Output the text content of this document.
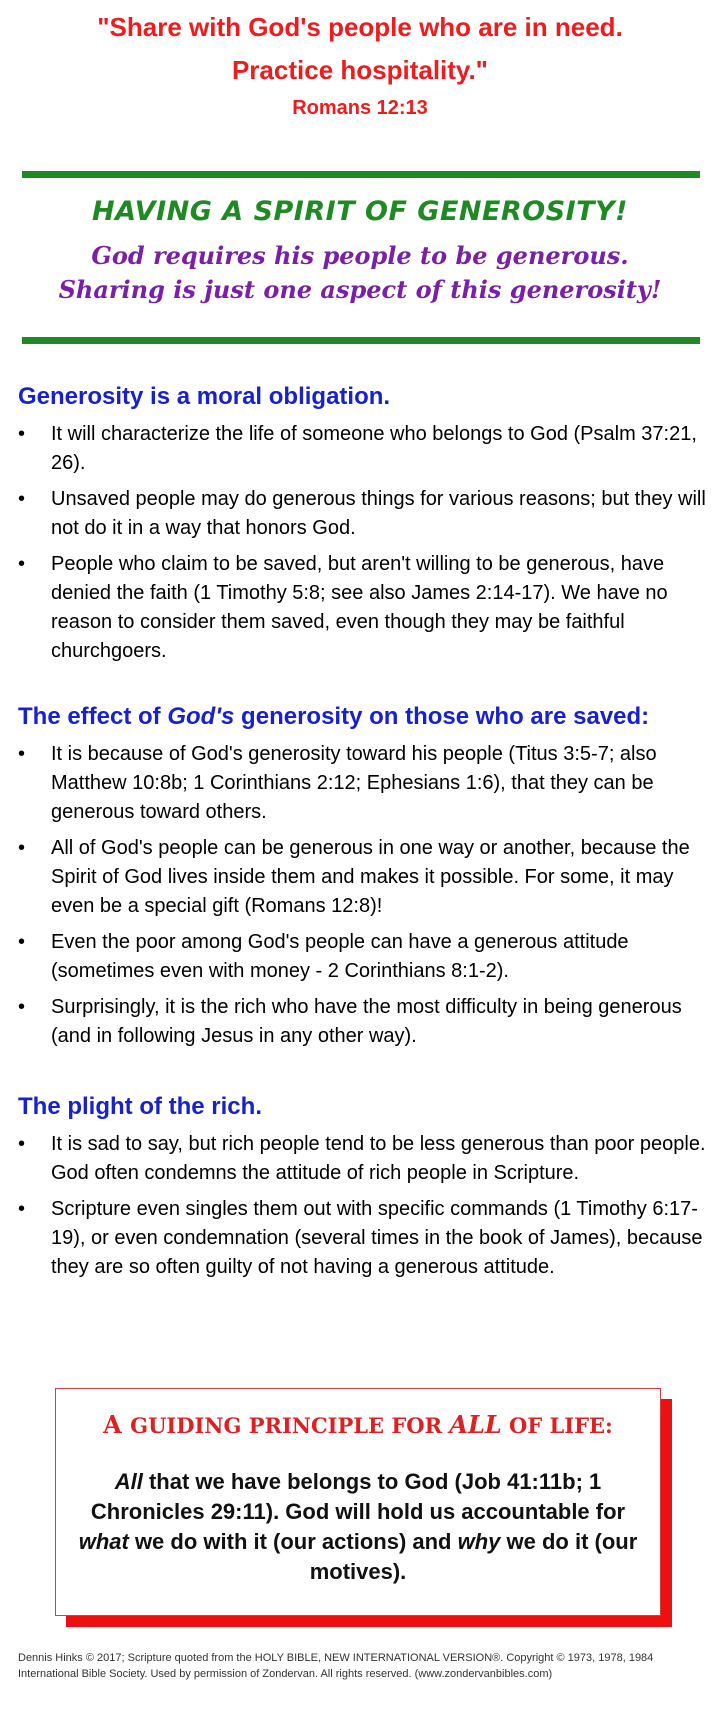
"Share with God's people who are in need.
Practice hospitality."
Romans 12:13
HAVING A SPIRIT OF GENEROSITY!
God requires his people to be generous.
Sharing is just one aspect of this generosity!
Generosity is a moral obligation.
• It will characterize the life of someone who belongs to God (Psalm 37:21, 26).
• Unsaved people may do generous things for various reasons; but they will not do it in a way that honors God.
• People who claim to be saved, but aren't willing to be generous, have denied the faith (1 Timothy 5:8; see also James 2:14-17). We have no reason to consider them saved, even though they may be faithful churchgoers.
The effect of God's generosity on those who are saved:
• It is because of God's generosity toward his people (Titus 3:5-7; also Matthew 10:8b; 1 Corinthians 2:12; Ephesians 1:6), that they can be generous toward others.
• All of God's people can be generous in one way or another, because the Spirit of God lives inside them and makes it possible. For some, it may even be a special gift (Romans 12:8)!
• Even the poor among God's people can have a generous attitude (sometimes even with money - 2 Corinthians 8:1-2).
• Surprisingly, it is the rich who have the most difficulty in being generous (and in following Jesus in any other way).
The plight of the rich.
• It is sad to say, but rich people tend to be less generous than poor people. God often condemns the attitude of rich people in Scripture.
• Scripture even singles them out with specific commands (1 Timothy 6:17-19), or even condemnation (several times in the book of James), because they are so often guilty of not having a generous attitude.
A GUIDING PRINCIPLE FOR ALL OF LIFE:
All that we have belongs to God (Job 41:11b; 1 Chronicles 29:11). God will hold us accountable for what we do with it (our actions) and why we do it (our motives).
Dennis Hinks © 2017; Scripture quoted from the HOLY BIBLE, NEW INTERNATIONAL VERSION®. Copyright © 1973, 1978, 1984
International Bible Society. Used by permission of Zondervan. All rights reserved. (www.zondervanbibles.com)
